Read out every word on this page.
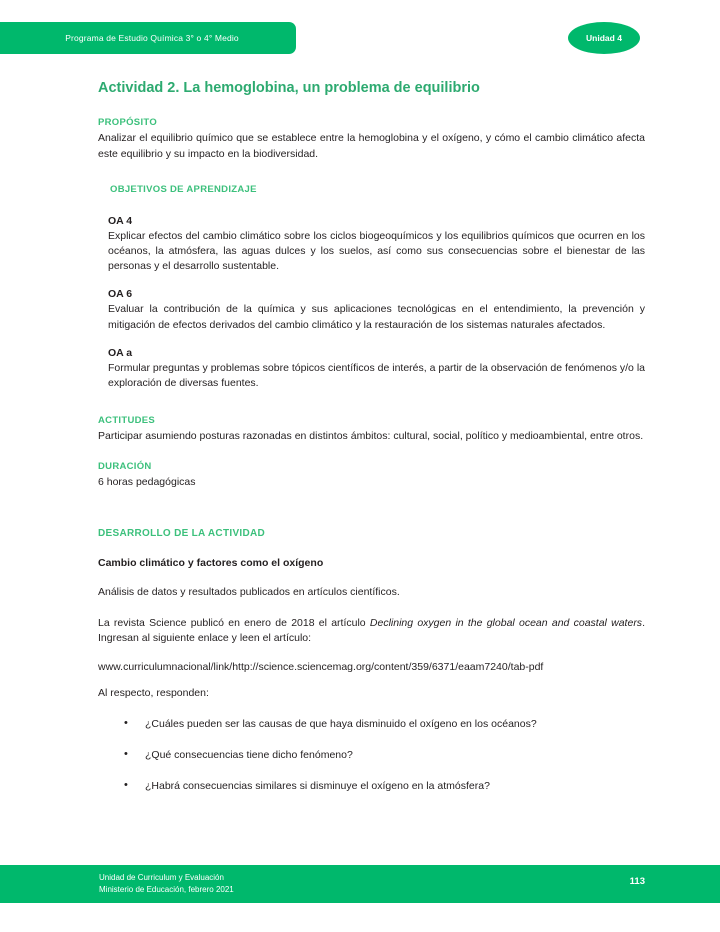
Programa de Estudio Química 3° o 4° Medio	Unidad 4
Actividad 2. La hemoglobina, un problema de equilibrio
PROPÓSITO

Analizar el equilibrio químico que se establece entre la hemoglobina y el oxígeno, y cómo el cambio climático afecta este equilibrio y su impacto en la biodiversidad.

OBJETIVOS DE APRENDIZAJE
OA 4

Explicar efectos del cambio climático sobre los ciclos biogeoquímicos y los equilibrios químicos que ocurren en los océanos, la atmósfera, las aguas dulces y los suelos, así como sus consecuencias sobre el bienestar de las personas y el desarrollo sustentable.

OA 6

Evaluar la contribución de la química y sus aplicaciones tecnológicas en el entendimiento, la prevención y mitigación de efectos derivados del cambio climático y la restauración de los sistemas naturales afectados.

OA a

Formular preguntas y problemas sobre tópicos científicos de interés, a partir de la observación de fenómenos y/o la exploración de diversas fuentes.

ACTITUDES

Participar asumiendo posturas razonadas en distintos ámbitos: cultural, social, político y medioambiental, entre otros.

DURACIÓN

6 horas pedagógicas

DESARROLLO DE LA ACTIVIDAD
Cambio climático y factores como el oxígeno

Análisis de datos y resultados publicados en artículos científicos.

La revista Science publicó en enero de 2018 el artículo Declining oxygen in the global ocean and coastal waters. Ingresan al siguiente enlace y leen el artículo:

www.curriculumnacional/link/http://science.sciencemag.org/content/359/6371/eaam7240/tab-pdf

Al respecto, responden:

• ¿Cuáles pueden ser las causas de que haya disminuido el oxígeno en los océanos?
• ¿Qué consecuencias tiene dicho fenómeno?
• ¿Habrá consecuencias similares si disminuye el oxígeno en la atmósfera?
Unidad de Curriculum y Evaluación
Ministerio de Educación, febrero 2021
113
